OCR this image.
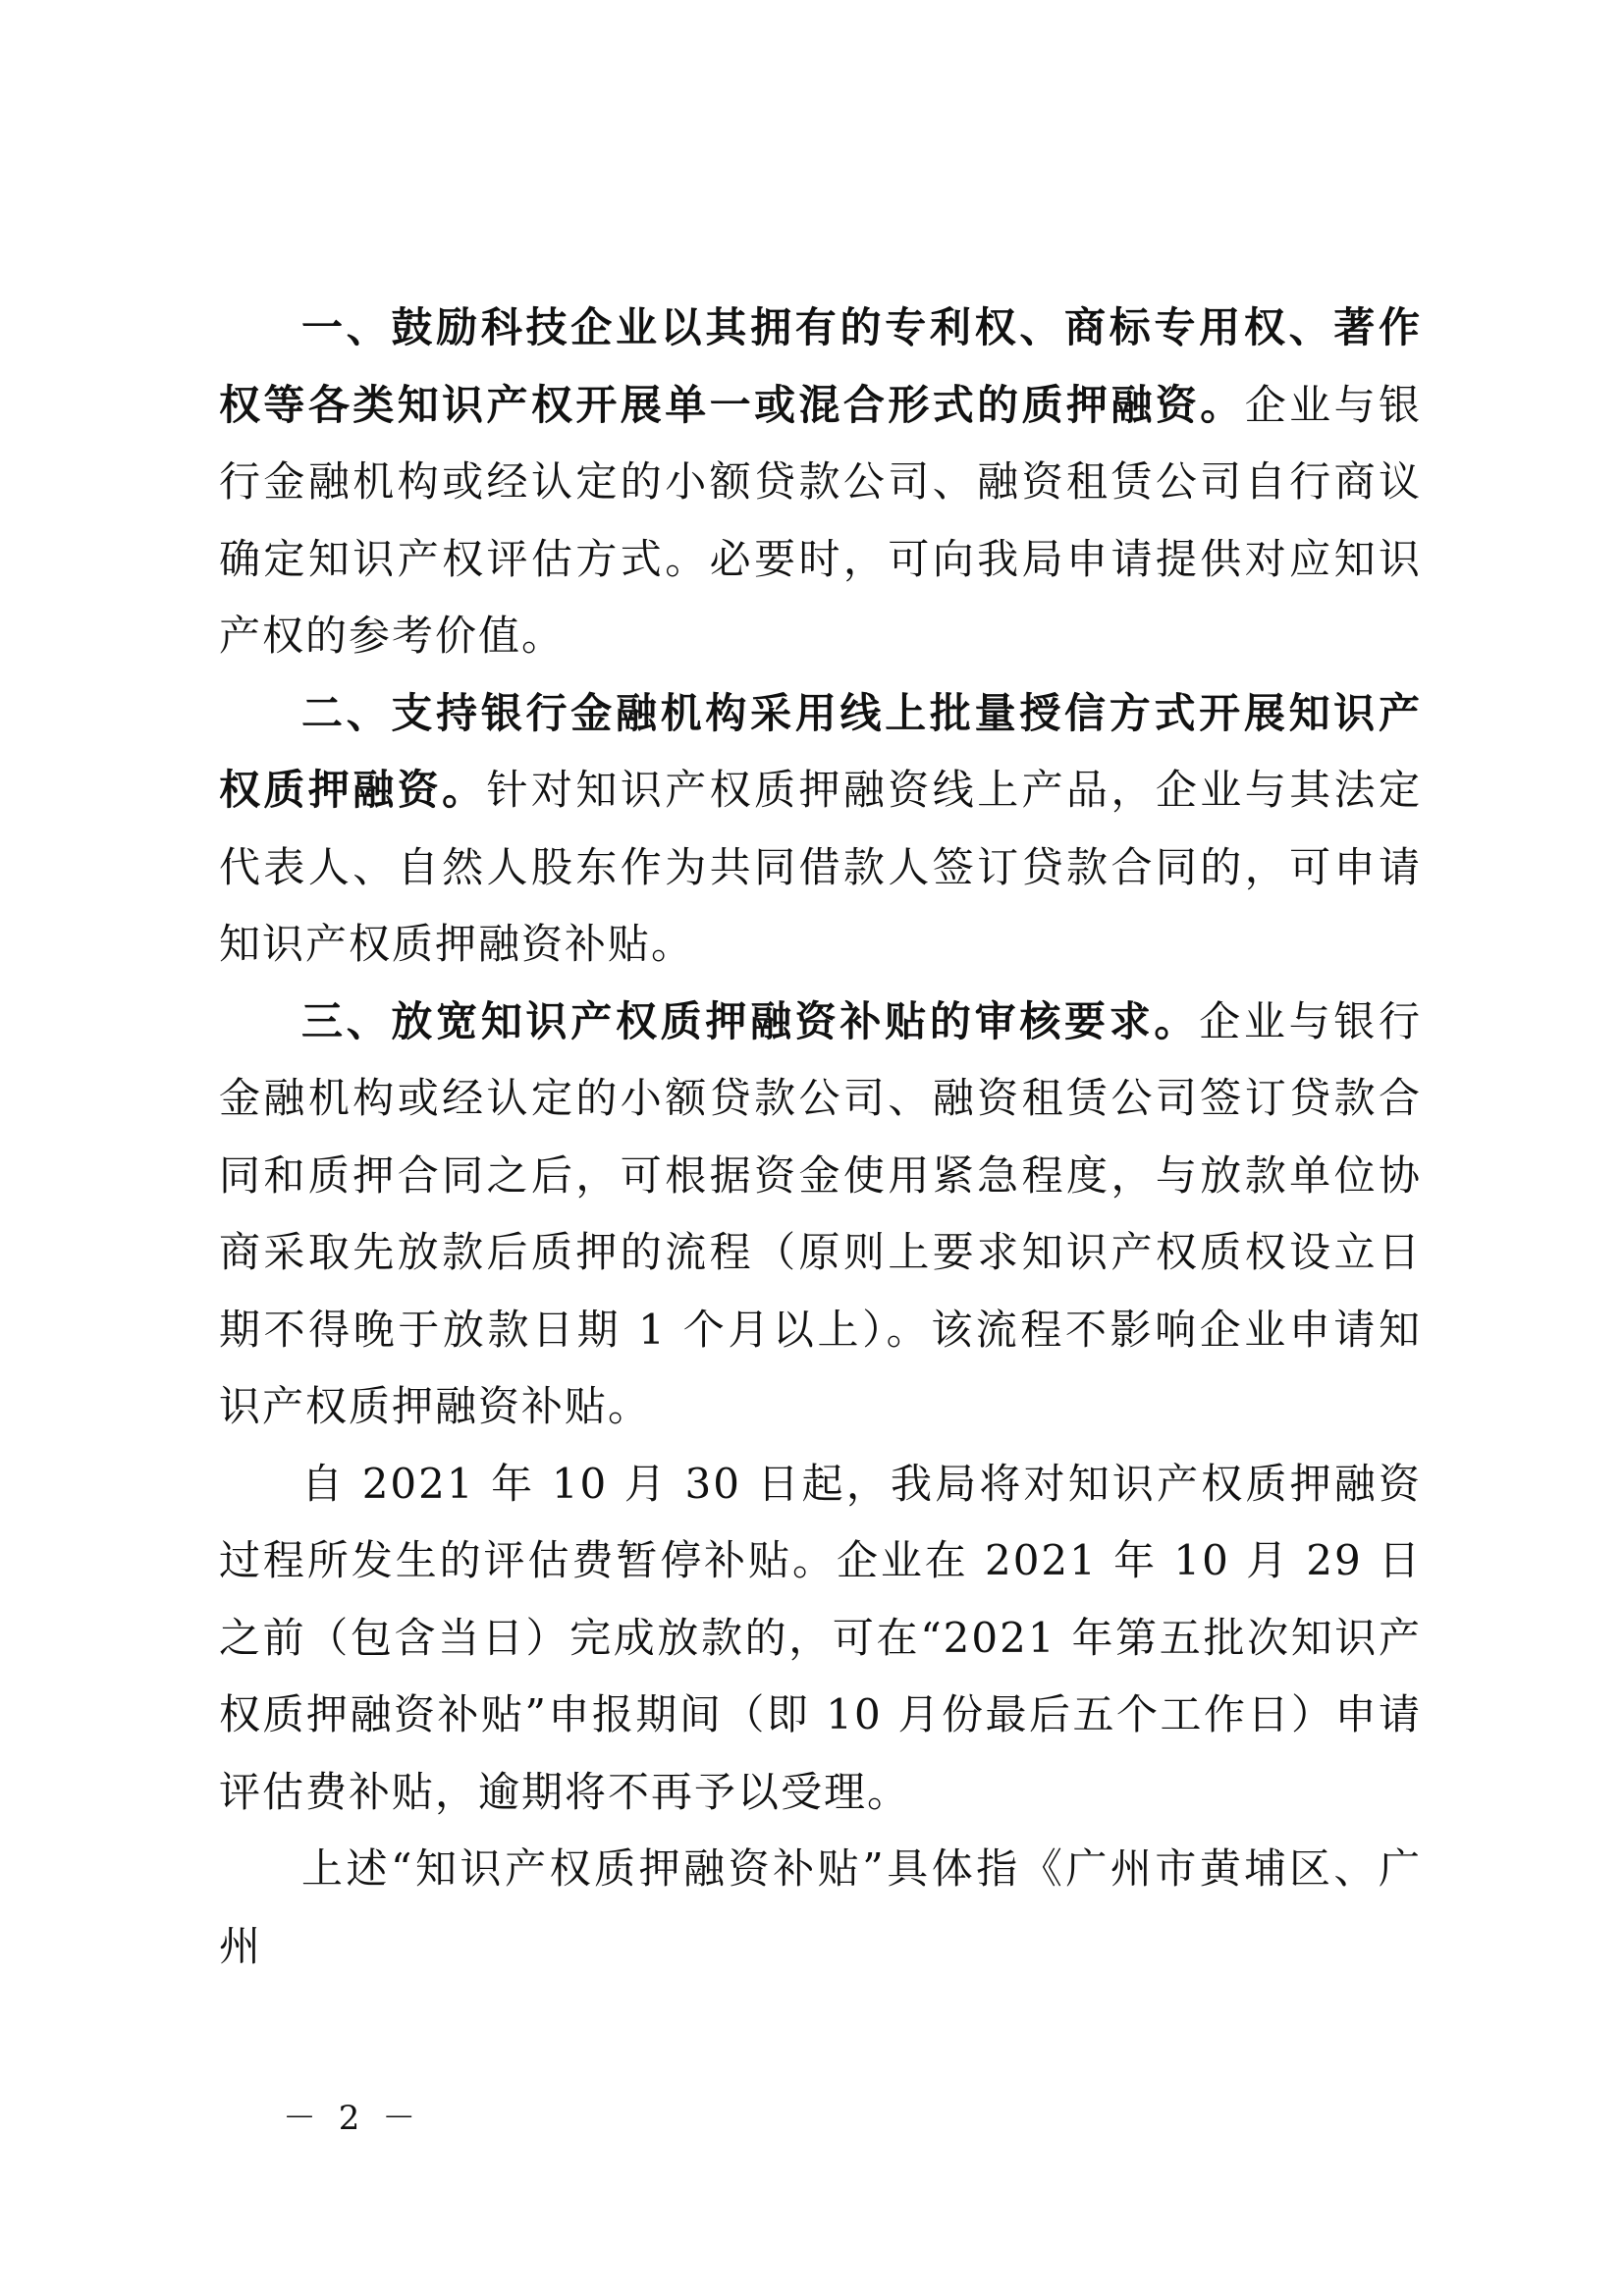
一、鼓励科技企业以其拥有的专利权、商标专用权、著作权等各类知识产权开展单一或混合形式的质押融资。企业与银行金融机构或经认定的小额贷款公司、融资租赁公司自行商议确定知识产权评估方式。必要时，可向我局申请提供对应知识产权的参考价值。

二、支持银行金融机构采用线上批量授信方式开展知识产权质押融资。针对知识产权质押融资线上产品，企业与其法定代表人、自然人股东作为共同借款人签订贷款合同的，可申请知识产权质押融资补贴。

三、放宽知识产权质押融资补贴的审核要求。企业与银行金融机构或经认定的小额贷款公司、融资租赁公司签订贷款合同和质押合同之后，可根据资金使用紧急程度，与放款单位协商采取先放款后质押的流程（原则上要求知识产权质权设立日期不得晚于放款日期 1 个月以上）。该流程不影响企业申请知识产权质押融资补贴。

自 2021 年 10 月 30 日起，我局将对知识产权质押融资过程所发生的评估费暂停补贴。企业在 2021 年 10 月 29 日之前（包含当日）完成放款的，可在“2021 年第五批次知识产权质押融资补贴”申报期间（即 10 月份最后五个工作日）申请评估费补贴，逾期将不再予以受理。

上述“知识产权质押融资补贴”具体指《广州市黄埔区、广州

－ 2 －
